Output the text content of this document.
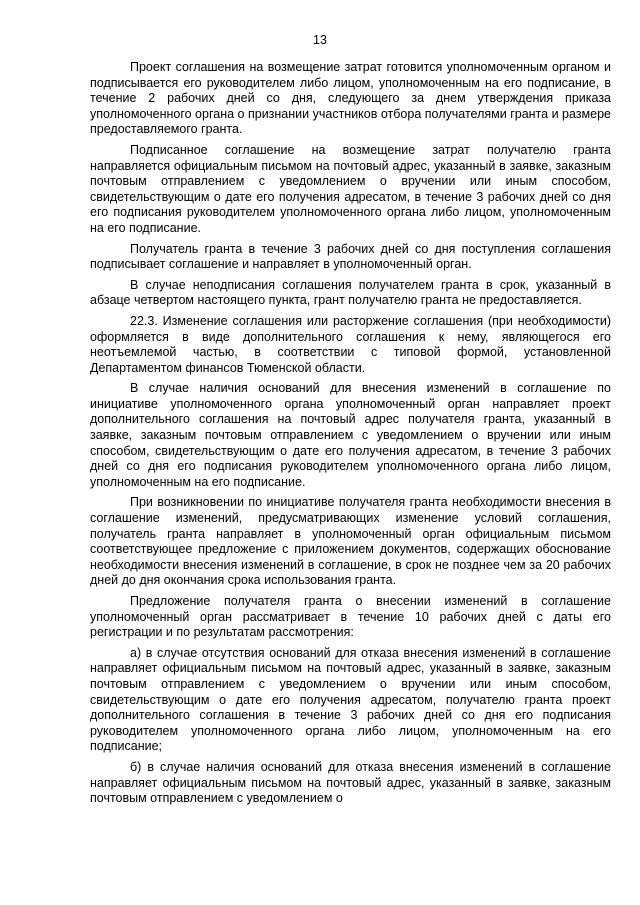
13

Проект соглашения на возмещение затрат готовится уполномоченным органом и подписывается его руководителем либо лицом, уполномоченным на его подписание, в течение 2 рабочих дней со дня, следующего за днем утверждения приказа уполномоченного органа о признании участников отбора получателями гранта и размере предоставляемого гранта.

Подписанное соглашение на возмещение затрат получателю гранта направляется официальным письмом на почтовый адрес, указанный в заявке, заказным почтовым отправлением с уведомлением о вручении или иным способом, свидетельствующим о дате его получения адресатом, в течение 3 рабочих дней со дня его подписания руководителем уполномоченного органа либо лицом, уполномоченным на его подписание.

Получатель гранта в течение 3 рабочих дней со дня поступления соглашения подписывает соглашение и направляет в уполномоченный орган.

В случае неподписания соглашения получателем гранта в срок, указанный в абзаце четвертом настоящего пункта, грант получателю гранта не предоставляется.

22.3. Изменение соглашения или расторжение соглашения (при необходимости) оформляется в виде дополнительного соглашения к нему, являющегося его неотъемлемой частью, в соответствии с типовой формой, установленной Департаментом финансов Тюменской области.

В случае наличия оснований для внесения изменений в соглашение по инициативе уполномоченного органа уполномоченный орган направляет проект дополнительного соглашения на почтовый адрес получателя гранта, указанный в заявке, заказным почтовым отправлением с уведомлением о вручении или иным способом, свидетельствующим о дате его получения адресатом, в течение 3 рабочих дней со дня его подписания руководителем уполномоченного органа либо лицом, уполномоченным на его подписание.

При возникновении по инициативе получателя гранта необходимости внесения в соглашение изменений, предусматривающих изменение условий соглашения, получатель гранта направляет в уполномоченный орган официальным письмом соответствующее предложение с приложением документов, содержащих обоснование необходимости внесения изменений в соглашение, в срок не позднее чем за 20 рабочих дней до дня окончания срока использования гранта.

Предложение получателя гранта о внесении изменений в соглашение уполномоченный орган рассматривает в течение 10 рабочих дней с даты его регистрации и по результатам рассмотрения:

а) в случае отсутствия оснований для отказа внесения изменений в соглашение направляет официальным письмом на почтовый адрес, указанный в заявке, заказным почтовым отправлением с уведомлением о вручении или иным способом, свидетельствующим о дате его получения адресатом, получателю гранта проект дополнительного соглашения в течение 3 рабочих дней со дня его подписания руководителем уполномоченного органа либо лицом, уполномоченным на его подписание;

б) в случае наличия оснований для отказа внесения изменений в соглашение направляет официальным письмом на почтовый адрес, указанный в заявке, заказным почтовым отправлением с уведомлением о
